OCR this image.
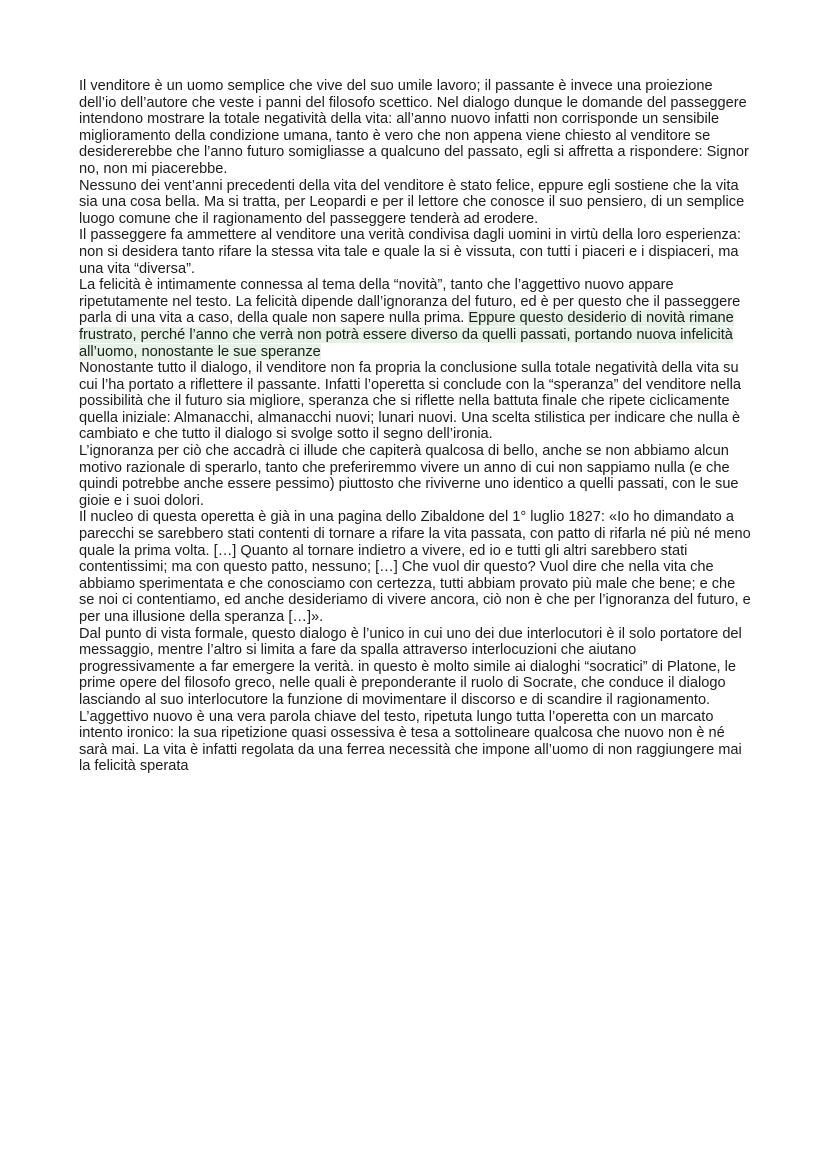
Il venditore è un uomo semplice che vive del suo umile lavoro; il passante è invece una proiezione dell’io dell’autore che veste i panni del filosofo scettico. Nel dialogo dunque le domande del passeggere intendono mostrare la totale negatività della vita: all’anno nuovo infatti non corrisponde un sensibile miglioramento della condizione umana, tanto è vero che non appena viene chiesto al venditore se desidererebbe che l’anno futuro somigliasse a qualcuno del passato, egli si affretta a rispondere: Signor no, non mi piacerebbe.

Nessuno dei vent’anni precedenti della vita del venditore è stato felice, eppure egli sostiene che la vita sia una cosa bella. Ma si tratta, per Leopardi e per il lettore che conosce il suo pensiero, di un semplice luogo comune che il ragionamento del passeggere tenderà ad erodere.

Il passeggere fa ammettere al venditore una verità condivisa dagli uomini in virtù della loro esperienza: non si desidera tanto rifare la stessa vita tale e quale la si è vissuta, con tutti i piaceri e i dispiaceri, ma una vita “diversa”.

La felicità è intimamente connessa al tema della “novità”, tanto che l’aggettivo nuovo appare ripetutamente nel testo. La felicità dipende dall’ignoranza del futuro, ed è per questo che il passeggere parla di una vita a caso, della quale non sapere nulla prima. Eppure questo desiderio di novità rimane frustrato, perché l’anno che verrà non potrà essere diverso da quelli passati, portando nuova infelicità all’uomo, nonostante le sue speranze

Nonostante tutto il dialogo, il venditore non fa propria la conclusione sulla totale negatività della vita su cui l’ha portato a riflettere il passante. Infatti l’operetta si conclude con la “speranza” del venditore nella possibilità che il futuro sia migliore, speranza che si riflette nella battuta finale che ripete ciclicamente quella iniziale: Almanacchi, almanacchi nuovi; lunari nuovi. Una scelta stilistica per indicare che nulla è cambiato e che tutto il dialogo si svolge sotto il segno dell’ironia.

L’ignoranza per ciò che accadrà ci illude che capiterà qualcosa di bello, anche se non abbiamo alcun motivo razionale di sperarlo, tanto che preferiremmo vivere un anno di cui non sappiamo nulla (e che quindi potrebbe anche essere pessimo) piuttosto che riviverne uno identico a quelli passati, con le sue gioie e i suoi dolori.

Il nucleo di questa operetta è già in una pagina dello Zibaldone del 1° luglio 1827: «Io ho dimandato a parecchi se sarebbero stati contenti di tornare a rifare la vita passata, con patto di rifarla né più né meno quale la prima volta. […] Quanto al tornare indietro a vivere, ed io e tutti gli altri sarebbero stati contentissimi; ma con questo patto, nessuno; […] Che vuol dir questo? Vuol dire che nella vita che abbiamo sperimentata e che conosciamo con certezza, tutti abbiam provato più male che bene; e che se noi ci contentiamo, ed anche desideriamo di vivere ancora, ciò non è che per l’ignoranza del futuro, e per una illusione della speranza […]».

Dal punto di vista formale, questo dialogo è l’unico in cui uno dei due interlocutori è il solo portatore del messaggio, mentre l’altro si limita a fare da spalla attraverso interlocuzioni che aiutano progressivamente a far emergere la verità. in questo è molto simile ai dialoghi “socratici” di Platone, le prime opere del filosofo greco, nelle quali è preponderante il ruolo di Socrate, che conduce il dialogo lasciando al suo interlocutore la funzione di movimentare il discorso e di scandire il ragionamento.

L’aggettivo nuovo è una vera parola chiave del testo, ripetuta lungo tutta l’operetta con un marcato intento ironico: la sua ripetizione quasi ossessiva è tesa a sottolineare qualcosa che nuovo non è né sarà mai. La vita è infatti regolata da una ferrea necessità che impone all’uomo di non raggiungere mai la felicità sperata
